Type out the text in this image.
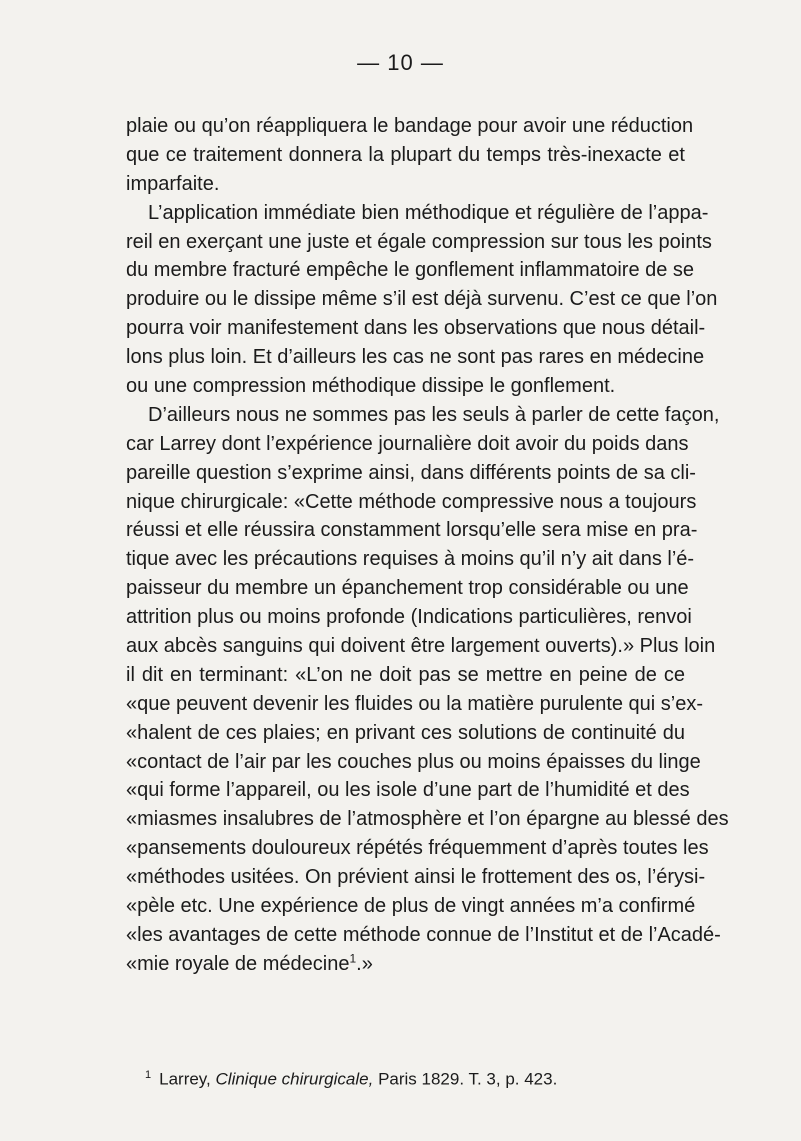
— 10 —
plaie ou qu’on réappliquera le bandage pour avoir une réduction
que ce traitement donnera la plupart du temps très-inexacte et
imparfaite.
L’application immédiate bien méthodique et régulière de l’appa-
reil en exerçant une juste et égale compression sur tous les points
du membre fracturé empêche le gonflement inflammatoire de se
produire ou le dissipe même s’il est déjà survenu. C’est ce que l’on
pourra voir manifestement dans les observations que nous détail-
lons plus loin. Et d’ailleurs les cas ne sont pas rares en médecine
ou une compression méthodique dissipe le gonflement.
D’ailleurs nous ne sommes pas les seuls à parler de cette façon,
car Larrey dont l’expérience journalière doit avoir du poids dans
pareille question s’exprime ainsi, dans différents points de sa cli-
nique chirurgicale: «Cette méthode compressive nous a toujours
réussi et elle réussira constamment lorsqu’elle sera mise en pra-
tique avec les précautions requises à moins qu’il n’y ait dans l’é-
paisseur du membre un épanchement trop considérable ou une
attrition plus ou moins profonde (Indications particulières, renvoi
aux abcès sanguins qui doivent être largement ouverts).» Plus loin
il dit en terminant: «L’on ne doit pas se mettre en peine de ce
«que peuvent devenir les fluides ou la matière purulente qui s’ex-
«halent de ces plaies; en privant ces solutions de continuité du
«contact de l’air par les couches plus ou moins épaisses du linge
«qui forme l’appareil, ou les isole d’une part de l’humidité et des
«miasmes insalubres de l’atmosphère et l’on épargne au blessé des
«pansements douloureux répétés fréquemment d’après toutes les
«méthodes usitées. On prévient ainsi le frottement des os, l’érysi-
«pèle etc. Une expérience de plus de vingt années m’a confirmé
«les avantages de cette méthode connue de l’Institut et de l’Acadé-
«mie royale de médecine$^1$.»
$^1$ Larrey, Clinique chirurgicale, Paris 1829. T. 3, p. 423.
